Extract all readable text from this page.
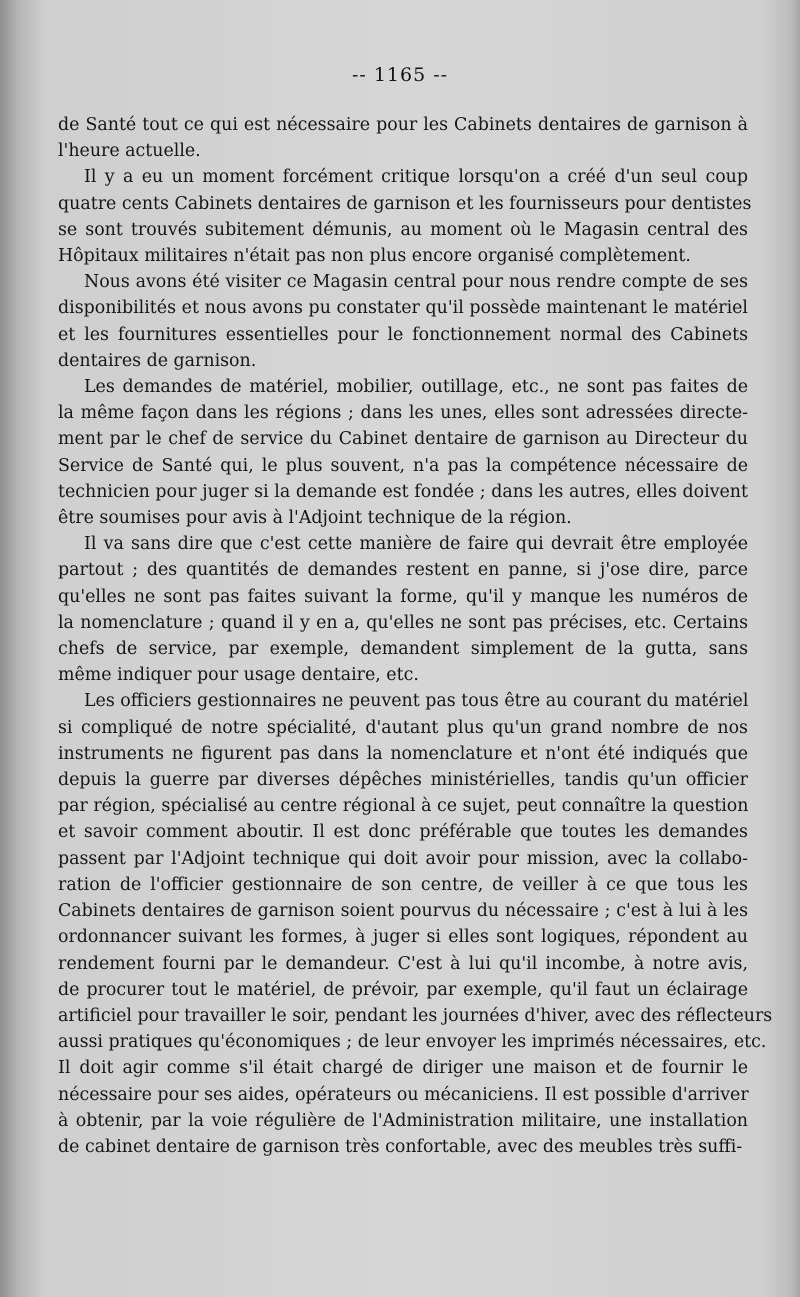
-- 1165 --
de Santé tout ce qui est nécessaire pour les Cabinets dentaires de garnison à
l'heure actuelle.
Il y a eu un moment forcément critique lorsqu'on a créé d'un seul coup
quatre cents Cabinets dentaires de garnison et les fournisseurs pour dentistes
se sont trouvés subitement démunis, au moment où le Magasin central des
Hôpitaux militaires n'était pas non plus encore organisé complètement.
Nous avons été visiter ce Magasin central pour nous rendre compte de ses
disponibilités et nous avons pu constater qu'il possède maintenant le matériel
et les fournitures essentielles pour le fonctionnement normal des Cabinets
dentaires de garnison.
Les demandes de matériel, mobilier, outillage, etc., ne sont pas faites de
la même façon dans les régions ; dans les unes, elles sont adressées directe-
ment par le chef de service du Cabinet dentaire de garnison au Directeur du
Service de Santé qui, le plus souvent, n'a pas la compétence nécessaire de
technicien pour juger si la demande est fondée ; dans les autres, elles doivent
être soumises pour avis à l'Adjoint technique de la région.
Il va sans dire que c'est cette manière de faire qui devrait être employée
partout ; des quantités de demandes restent en panne, si j'ose dire, parce
qu'elles ne sont pas faites suivant la forme, qu'il y manque les numéros de
la nomenclature ; quand il y en a, qu'elles ne sont pas précises, etc. Certains
chefs de service, par exemple, demandent simplement de la gutta, sans
même indiquer pour usage dentaire, etc.
Les officiers gestionnaires ne peuvent pas tous être au courant du matériel
si compliqué de notre spécialité, d'autant plus qu'un grand nombre de nos
instruments ne figurent pas dans la nomenclature et n'ont été indiqués que
depuis la guerre par diverses dépêches ministérielles, tandis qu'un officier
par région, spécialisé au centre régional à ce sujet, peut connaître la question
et savoir comment aboutir. Il est donc préférable que toutes les demandes
passent par l'Adjoint technique qui doit avoir pour mission, avec la collabo-
ration de l'officier gestionnaire de son centre, de veiller à ce que tous les
Cabinets dentaires de garnison soient pourvus du nécessaire ; c'est à lui à les
ordonnancer suivant les formes, à juger si elles sont logiques, répondent au
rendement fourni par le demandeur. C'est à lui qu'il incombe, à notre avis,
de procurer tout le matériel, de prévoir, par exemple, qu'il faut un éclairage
artificiel pour travailler le soir, pendant les journées d'hiver, avec des réflecteurs
aussi pratiques qu'économiques ; de leur envoyer les imprimés nécessaires, etc.
Il doit agir comme s'il était chargé de diriger une maison et de fournir le
nécessaire pour ses aides, opérateurs ou mécaniciens. Il est possible d'arriver
à obtenir, par la voie régulière de l'Administration militaire, une installation
de cabinet dentaire de garnison très confortable, avec des meubles très suffi-
